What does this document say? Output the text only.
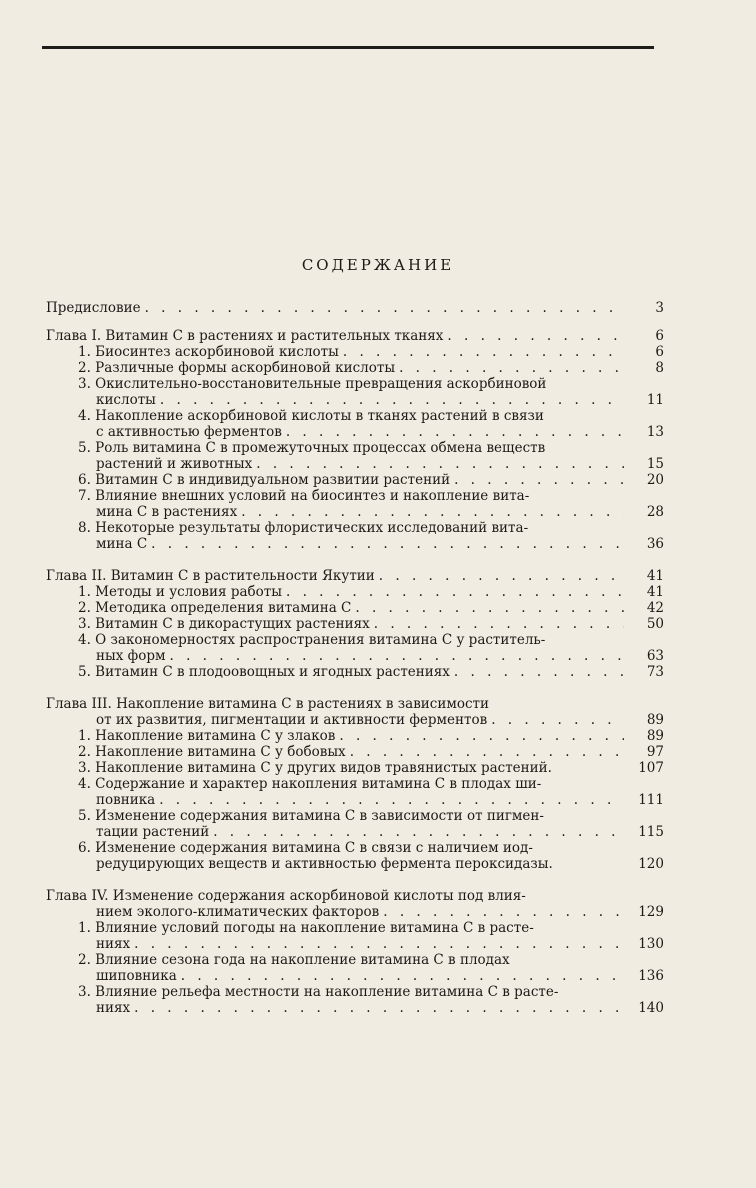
СОДЕРЖАНИЕ
Предисловие . . .	3
Глава I. Витамин С в растениях и растительных тканях . . .	6
1. Биосинтез аскорбиновой кислоты . . .	6
2. Различные формы аскорбиновой кислоты . . .	8
3. Окислительно-восстановительные превращения аскорбиновой
кислоты . . .	11
4. Накопление аскорбиновой кислоты в тканях растений в связи
с активностью ферментов . . .	13
5. Роль витамина С в промежуточных процессах обмена веществ
растений и животных . . .	15
6. Витамин С в индивидуальном развитии растений . . .	20
7. Влияние внешних условий на биосинтез и накопление вита-
мина С в растениях . . .	28
8. Некоторые результаты флористических исследований вита-
мина С . . .	36
Глава II. Витамин С в растительности Якутии . . .	41
1. Методы и условия работы . . .	41
2. Методика определения витамина С . . .	42
3. Витамин С в дикорастущих растениях . . .	50
4. О закономерностях распространения витамина С у раститель-
ных форм . . .	63
5. Витамин С в плодоовощных и ягодных растениях . . .	73
Глава III. Накопление витамина С в растениях в зависимости
от их развития, пигментации и активности ферментов . . .	89
1. Накопление витамина С у злаков . . .	89
2. Накопление витамина С у бобовых . . .	97
3. Накопление витамина С у других видов травянистых растений.	107
4. Содержание и характер накопления витамина С в плодах ши-
повника . . .	111
5. Изменение содержания витамина С в зависимости от пигмен-
тации растений . . .	115
6. Изменение содержания витамина С в связи с наличием иод-
редуцирующих веществ и активностью фермента пероксидазы.	120
Глава IV. Изменение содержания аскорбиновой кислоты под влия-
нием эколого-климатических факторов . . .	129
1. Влияние условий погоды на накопление витамина С в расте-
ниях . . .	130
2. Влияние сезона года на накопление витамина С в плодах
шиповника . . .	136
3. Влияние рельефа местности на накопление витамина С в расте-
ниях . . .	140
